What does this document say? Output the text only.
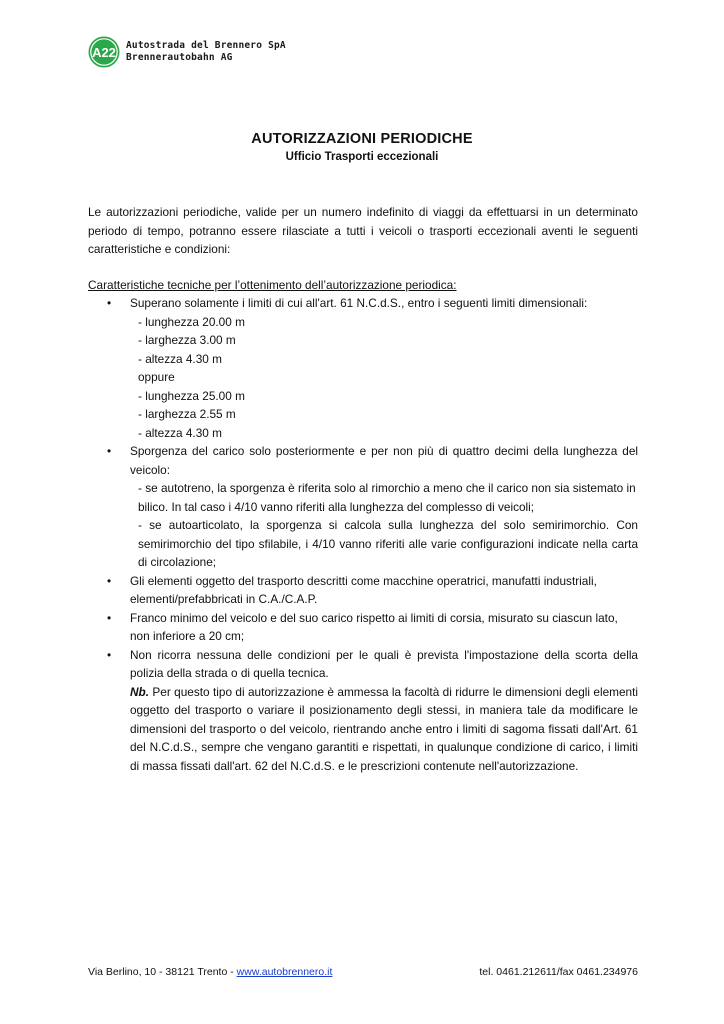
A22 Autostrada del Brennero SpA
Brennerautobahn AG
AUTORIZZAZIONI PERIODICHE
Ufficio Trasporti eccezionali
Le autorizzazioni periodiche, valide per un numero indefinito di viaggi da effettuarsi in un determinato periodo di tempo, potranno essere rilasciate a tutti i veicoli o trasporti eccezionali aventi le seguenti caratteristiche e condizioni:
Caratteristiche tecniche per l’ottenimento dell’autorizzazione periodica:
• Superano solamente i limiti di cui all'art. 61 N.C.d.S., entro i seguenti limiti dimensionali:
- lunghezza 20.00 m
- larghezza 3.00 m
- altezza 4.30 m
oppure
- lunghezza 25.00 m
- larghezza 2.55 m
- altezza 4.30 m
• Sporgenza del carico solo posteriormente e per non più di quattro decimi della lunghezza del veicolo:
- se autotreno, la sporgenza è riferita solo al rimorchio a meno che il carico non sia sistemato in bilico. In tal caso i 4/10 vanno riferiti alla lunghezza del complesso di veicoli;
- se autoarticolato, la sporgenza si calcola sulla lunghezza del solo semirimorchio. Con semirimorchio del tipo sfilabile, i 4/10 vanno riferiti alle varie configurazioni indicate nella carta di circolazione;
• Gli elementi oggetto del trasporto descritti come macchine operatrici, manufatti industriali, elementi/prefabbricati in C.A./C.A.P.
• Franco minimo del veicolo e del suo carico rispetto ai limiti di corsia, misurato su ciascun lato, non inferiore a 20 cm;
• Non ricorra nessuna delle condizioni per le quali è prevista l'impostazione della scorta della polizia della strada o di quella tecnica.
Nb. Per questo tipo di autorizzazione è ammessa la facoltà di ridurre le dimensioni degli elementi oggetto del trasporto o variare il posizionamento degli stessi, in maniera tale da modificare le dimensioni del trasporto o del veicolo, rientrando anche entro i limiti di sagoma fissati dall'Art. 61 del N.C.d.S., sempre che vengano garantiti e rispettati, in qualunque condizione di carico, i limiti di massa fissati dall'art. 62 del N.C.d.S. e le prescrizioni contenute nell'autorizzazione.
Via Berlino, 10 - 38121 Trento - www.autobrennero.it	tel. 0461.212611/fax 0461.234976
